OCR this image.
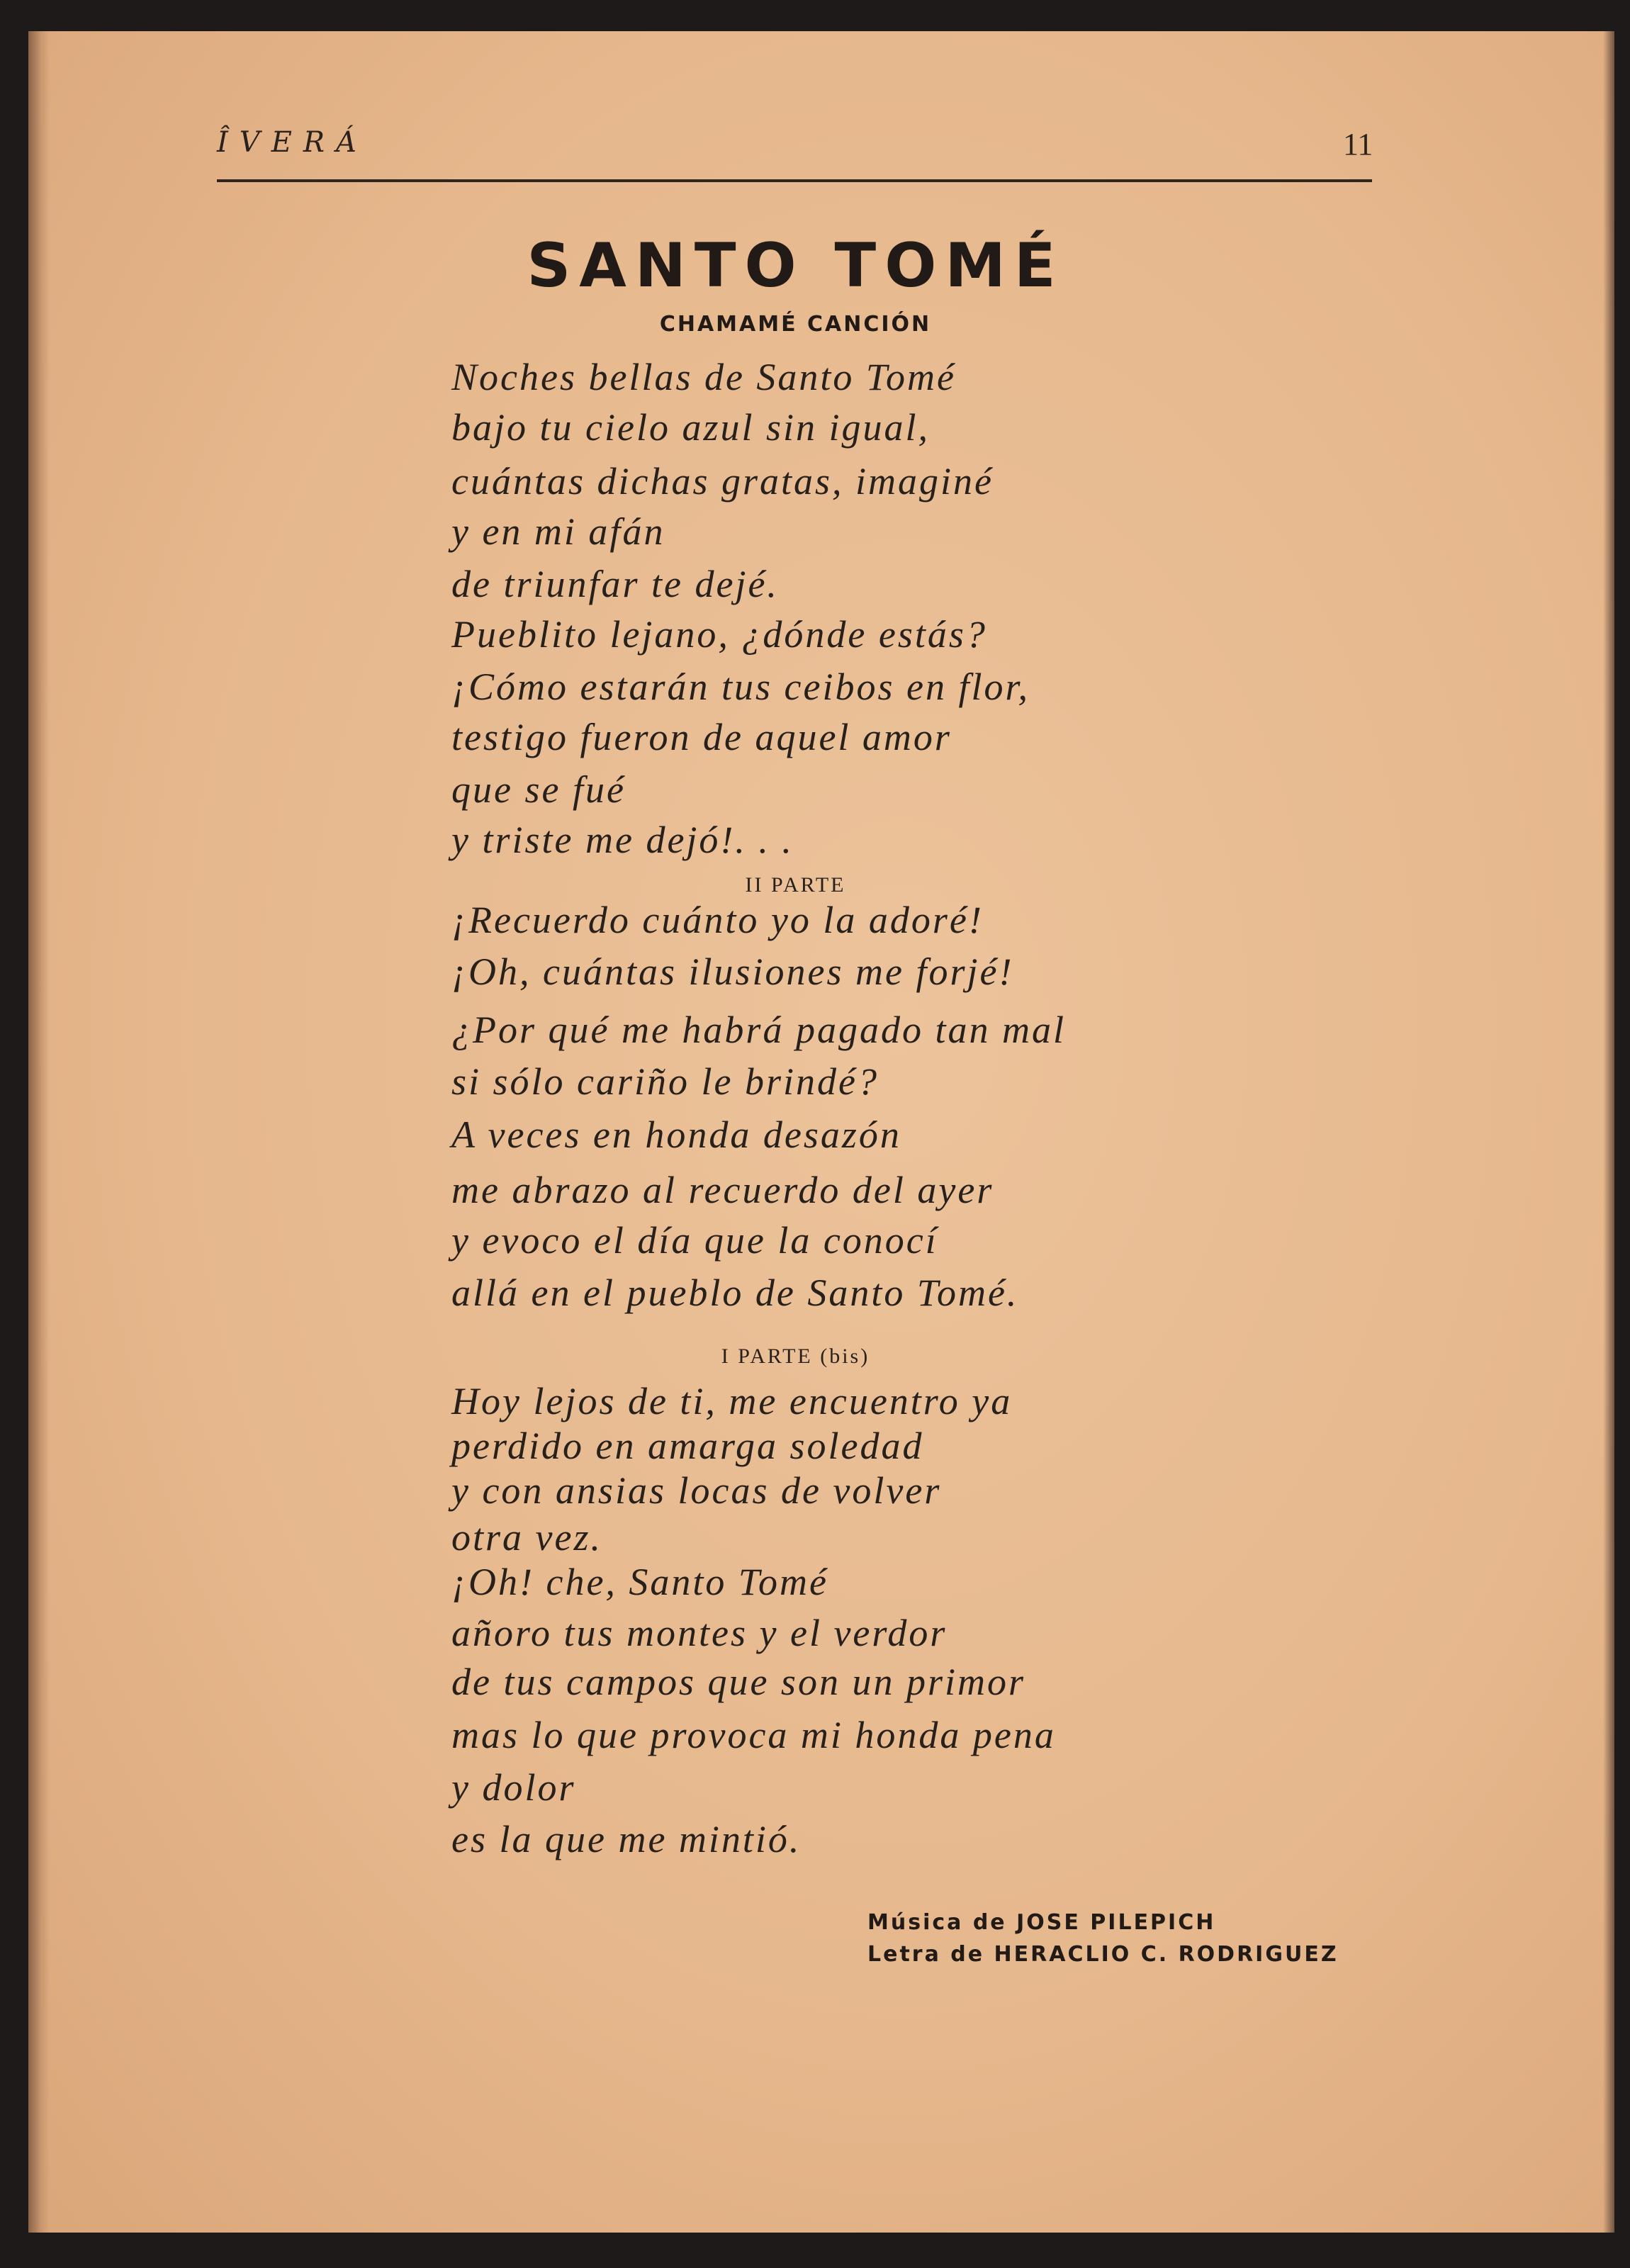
ÎVERÁ	11
SANTO TOMÉ
CHAMAMÉ CANCIÓN
Noches bellas de Santo Tomé
bajo tu cielo azul sin igual,
cuántas dichas gratas, imaginé
y en mi afán
de triunfar te dejé.
Pueblito lejano, ¿dónde estás?
¡Cómo estarán tus ceibos en flor,
testigo fueron de aquel amor
que se fué
y triste me dejó!. . .
II PARTE
¡Recuerdo cuánto yo la adoré!
¡Oh, cuántas ilusiones me forjé!
¿Por qué me habrá pagado tan mal
si sólo cariño le brindé?
A veces en honda desazón
me abrazo al recuerdo del ayer
y evoco el día que la conocí
allá en el pueblo de Santo Tomé.
I PARTE (bis)
Hoy lejos de ti, me encuentro ya
perdido en amarga soledad
y con ansias locas de volver
otra vez.
¡Oh! che, Santo Tomé
añoro tus montes y el verdor
de tus campos que son un primor
mas lo que provoca mi honda pena
y dolor
es la que me mintió.
Música de JOSE PILEPICH
Letra de HERACLIO C. RODRIGUEZ
